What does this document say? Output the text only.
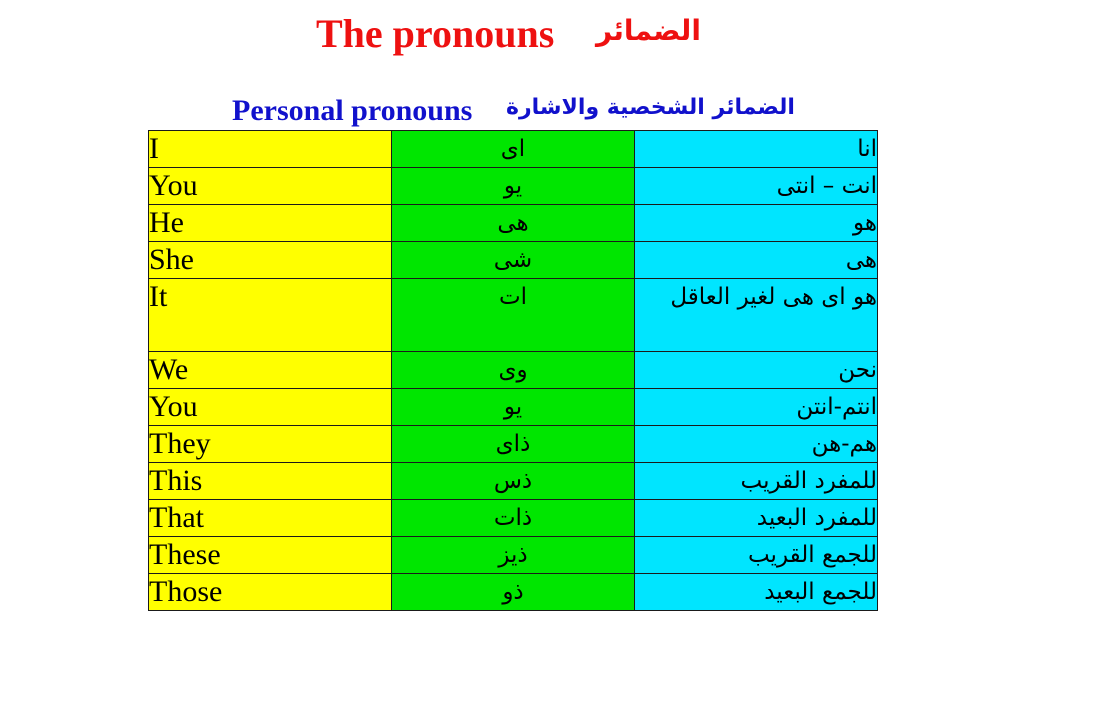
The pronouns الضمائر
Personal pronouns الضمائر الشخصية والاشارة
I	اى	انا
You	يو	انت – انتى
He	هى	هو
She	شى	هى
It	ات	هو اى هى لغير العاقل
We	وى	نحن
You	يو	انتم-انتن
They	ذاى	هم-هن
This	ذس	للمفرد القريب
That	ذات	للمفرد البعيد
These	ذيز	للجمع القريب
Those	ذو	للجمع البعيد
